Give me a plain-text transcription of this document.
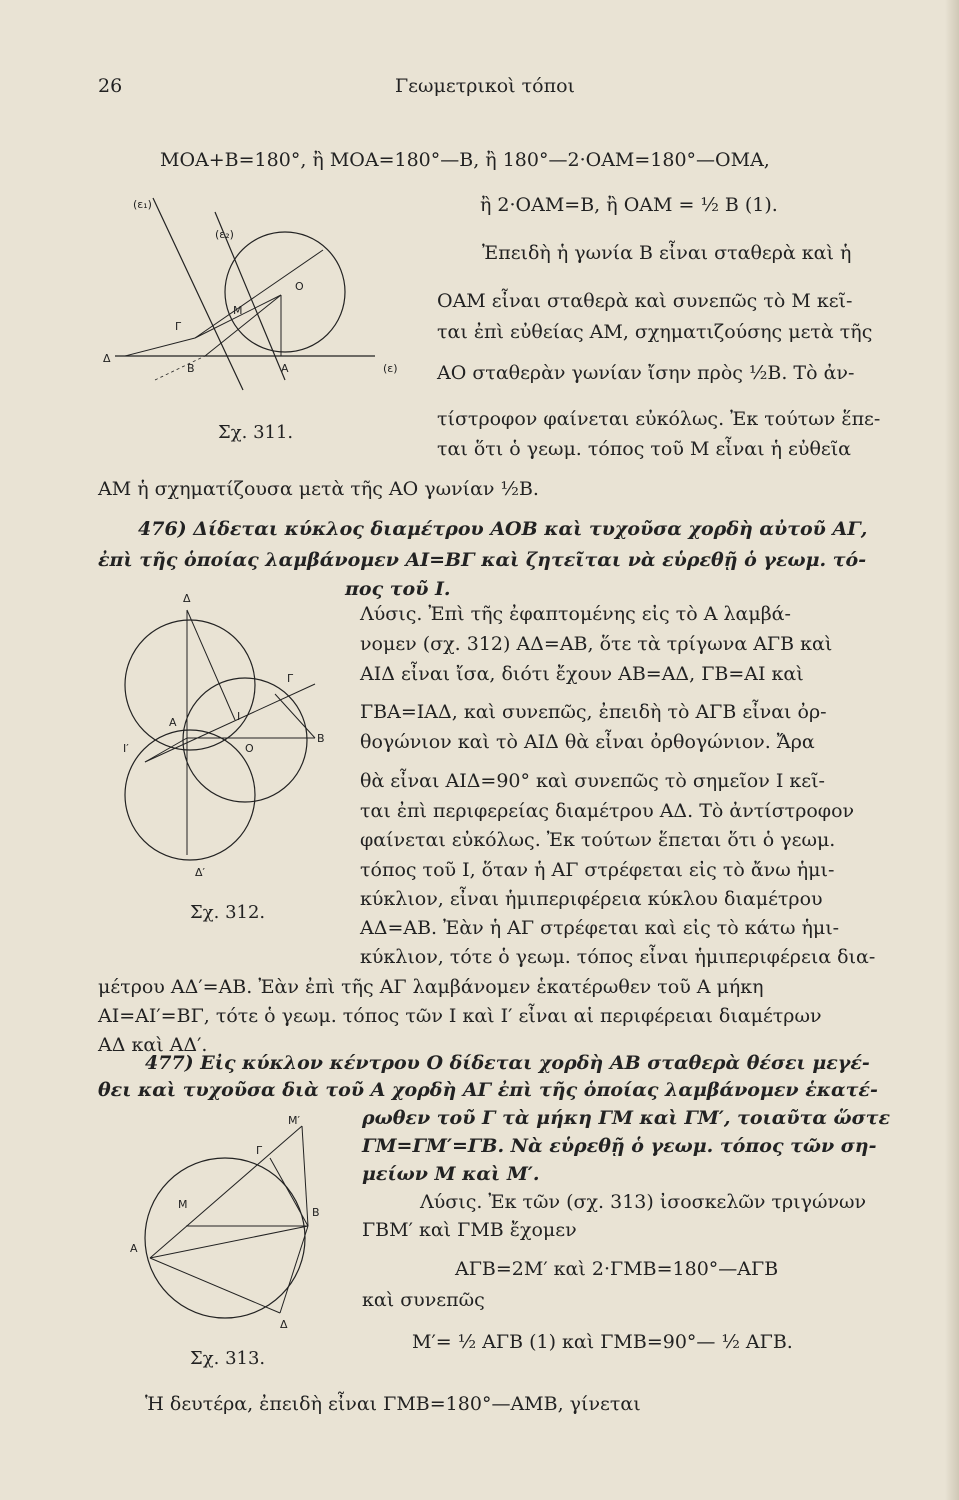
26	Γεωμετρικοὶ τόποι
ΜΟΑ+Β=180°, ἢ ΜΟΑ=180°—Β, ἢ 180°—2·ΟΑΜ=180°—ΟΜΑ,
ἢ 2·ΟΑΜ=Β, ἢ ΟΑΜ = ½ Β (1).
Ἐπειδὴ ἡ γωνία Β εἶναι σταθερὰ καὶ ἡ
ΟΑΜ εἶναι σταθερὰ καὶ συνεπῶς τὸ Μ κεῖ-
ται ἐπὶ εὐθείας ΑΜ, σχηματιζούσης μετὰ τῆς
ΑΟ σταθερὰν γωνίαν ἴσην πρὸς ½Β. Τὸ ἀν-
τίστροφον φαίνεται εὐκόλως. Ἐκ τούτων ἕπε-
ται ὅτι ὁ γεωμ. τόπος τοῦ Μ εἶναι ἡ εὐθεῖα
ΑΜ ἡ σχηματίζουσα μετὰ τῆς ΑΟ γωνίαν ½Β.
(ε₁)
(ε₂)
Ο
Μ
Γ
Δ
Β	Α	(ε)
Σχ. 311.
476) Δίδεται κύκλος διαμέτρου ΑΟΒ καὶ τυχοῦσα χορδὴ αὐτοῦ ΑΓ,
ἐπὶ τῆς ὁποίας λαμβάνομεν ΑΙ=ΒΓ καὶ ζητεῖται νὰ εὑρεθῇ ὁ γεωμ. τό-
πος τοῦ Ι.
Λύσις. Ἐπὶ τῆς ἐφαπτομένης εἰς τὸ Α λαμβά-
νομεν (σχ. 312) ΑΔ=ΑΒ, ὅτε τὰ τρίγωνα ΑΓΒ καὶ
ΑΙΔ εἶναι ἴσα, διότι ἔχουν ΑΒ=ΑΔ, ΓΒ=ΑΙ καὶ
ΓΒΑ=ΙΑΔ, καὶ συνεπῶς, ἐπειδὴ τὸ ΑΓΒ εἶναι ὀρ-
θογώνιον καὶ τὸ ΑΙΔ θὰ εἶναι ὀρθογώνιον. Ἄρα
θὰ εἶναι ΑΙΔ=90° καὶ συνεπῶς τὸ σημεῖον Ι κεῖ-
ται ἐπὶ περιφερείας διαμέτρου ΑΔ. Τὸ ἀντίστροφον
φαίνεται εὐκόλως. Ἐκ τούτων ἕπεται ὅτι ὁ γεωμ.
τόπος τοῦ Ι, ὅταν ἡ ΑΓ στρέφεται εἰς τὸ ἄνω ἡμι-
κύκλιον, εἶναι ἡμιπεριφέρεια κύκλου διαμέτρου
ΑΔ=ΑΒ. Ἐὰν ἡ ΑΓ στρέφεται καὶ εἰς τὸ κάτω ἡμι-
κύκλιον, τότε ὁ γεωμ. τόπος εἶναι ἡμιπεριφέρεια δια-
μέτρου ΑΔ′=ΑΒ. Ἐὰν ἐπὶ τῆς ΑΓ λαμβάνομεν ἑκατέρωθεν τοῦ Α μήκη
ΑΙ=ΑΙ′=ΒΓ, τότε ὁ γεωμ. τόπος τῶν Ι καὶ Ι′ εἶναι αἱ περιφέρειαι διαμέτρων
ΑΔ καὶ ΑΔ′.
Δ
Γ
Ι
Α
Ι′	Ο
Β
Δ′
Σχ. 312.
477) Εἰς κύκλον κέντρου Ο δίδεται χορδὴ ΑΒ σταθερὰ θέσει μεγέ-
θει καὶ τυχοῦσα διὰ τοῦ Α χορδὴ ΑΓ ἐπὶ τῆς ὁποίας λαμβάνομεν ἑκατέ-
ρωθεν τοῦ Γ τὰ μήκη ΓΜ καὶ ΓΜ′, τοιαῦτα ὥστε
ΓΜ=ΓΜ′=ΓΒ. Νὰ εὑρεθῇ ὁ γεωμ. τόπος τῶν ση-
μείων Μ καὶ Μ′.
Λύσις. Ἐκ τῶν (σχ. 313) ἰσοσκελῶν τριγώνων
ΓΒΜ′ καὶ ΓΜΒ ἔχομεν
ΑΓΒ=2Μ′ καὶ 2·ΓΜΒ=180°—ΑΓΒ
καὶ συνεπῶς
Μ′= ½ ΑΓΒ (1) καὶ ΓΜΒ=90°— ½ ΑΓΒ.
Ἡ δευτέρα, ἐπειδὴ εἶναι ΓΜΒ=180°—ΑΜΒ, γίνεται
Μ′
Γ
Μ
Β
Α
Δ
Σχ. 313.
